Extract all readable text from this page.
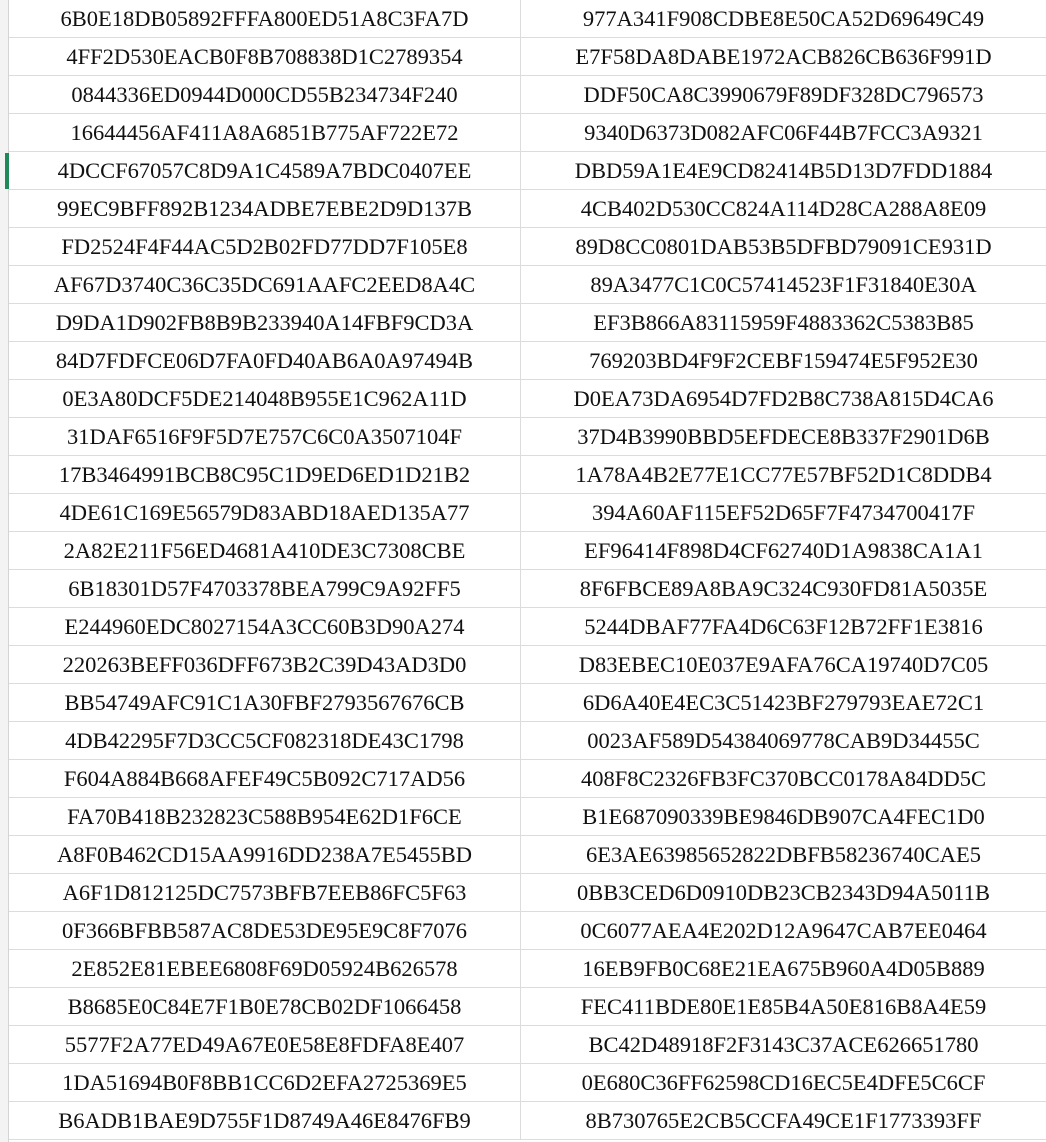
6B0E18DB05892FFFA800ED51A8C3FA7D	977A341F908CDBE8E50CA52D69649C49
4FF2D530EACB0F8B708838D1C2789354	E7F58DA8DABE1972ACB826CB636F991D
0844336ED0944D000CD55B234734F240	DDF50CA8C3990679F89DF328DC796573
16644456AF411A8A6851B775AF722E72	9340D6373D082AFC06F44B7FCC3A9321
4DCCF67057C8D9A1C4589A7BDC0407EE	DBD59A1E4E9CD82414B5D13D7FDD1884
99EC9BFF892B1234ADBE7EBE2D9D137B	4CB402D530CC824A114D28CA288A8E09
FD2524F4F44AC5D2B02FD77DD7F105E8	89D8CC0801DAB53B5DFBD79091CE931D
AF67D3740C36C35DC691AAFC2EED8A4C	89A3477C1C0C57414523F1F31840E30A
D9DA1D902FB8B9B233940A14FBF9CD3A	EF3B866A83115959F4883362C5383B85
84D7FDFCE06D7FA0FD40AB6A0A97494B	769203BD4F9F2CEBF159474E5F952E30
0E3A80DCF5DE214048B955E1C962A11D	D0EA73DA6954D7FD2B8C738A815D4CA6
31DAF6516F9F5D7E757C6C0A3507104F	37D4B3990BBD5EFDECE8B337F2901D6B
17B3464991BCB8C95C1D9ED6ED1D21B2	1A78A4B2E77E1CC77E57BF52D1C8DDB4
4DE61C169E56579D83ABD18AED135A77	394A60AF115EF52D65F7F4734700417F
2A82E211F56ED4681A410DE3C7308CBE	EF96414F898D4CF62740D1A9838CA1A1
6B18301D57F4703378BEA799C9A92FF5	8F6FBCE89A8BA9C324C930FD81A5035E
E244960EDC8027154A3CC60B3D90A274	5244DBAF77FA4D6C63F12B72FF1E3816
220263BEFF036DFF673B2C39D43AD3D0	D83EBEC10E037E9AFA76CA19740D7C05
BB54749AFC91C1A30FBF2793567676CB	6D6A40E4EC3C51423BF279793EAE72C1
4DB42295F7D3CC5CF082318DE43C1798	0023AF589D54384069778CAB9D34455C
F604A884B668AFEF49C5B092C717AD56	408F8C2326FB3FC370BCC0178A84DD5C
FA70B418B232823C588B954E62D1F6CE	B1E687090339BE9846DB907CA4FEC1D0
A8F0B462CD15AA9916DD238A7E5455BD	6E3AE63985652822DBFB58236740CAE5
A6F1D812125DC7573BFB7EEB86FC5F63	0BB3CED6D0910DB23CB2343D94A5011B
0F366BFBB587AC8DE53DE95E9C8F7076	0C6077AEA4E202D12A9647CAB7EE0464
2E852E81EBEE6808F69D05924B626578	16EB9FB0C68E21EA675B960A4D05B889
B8685E0C84E7F1B0E78CB02DF1066458	FEC411BDE80E1E85B4A50E816B8A4E59
5577F2A77ED49A67E0E58E8FDFA8E407	BC42D48918F2F3143C37ACE626651780
1DA51694B0F8BB1CC6D2EFA2725369E5	0E680C36FF62598CD16EC5E4DFE5C6CF
B6ADB1BAE9D755F1D8749A46E8476FB9	8B730765E2CB5CCFA49CE1F1773393FF
